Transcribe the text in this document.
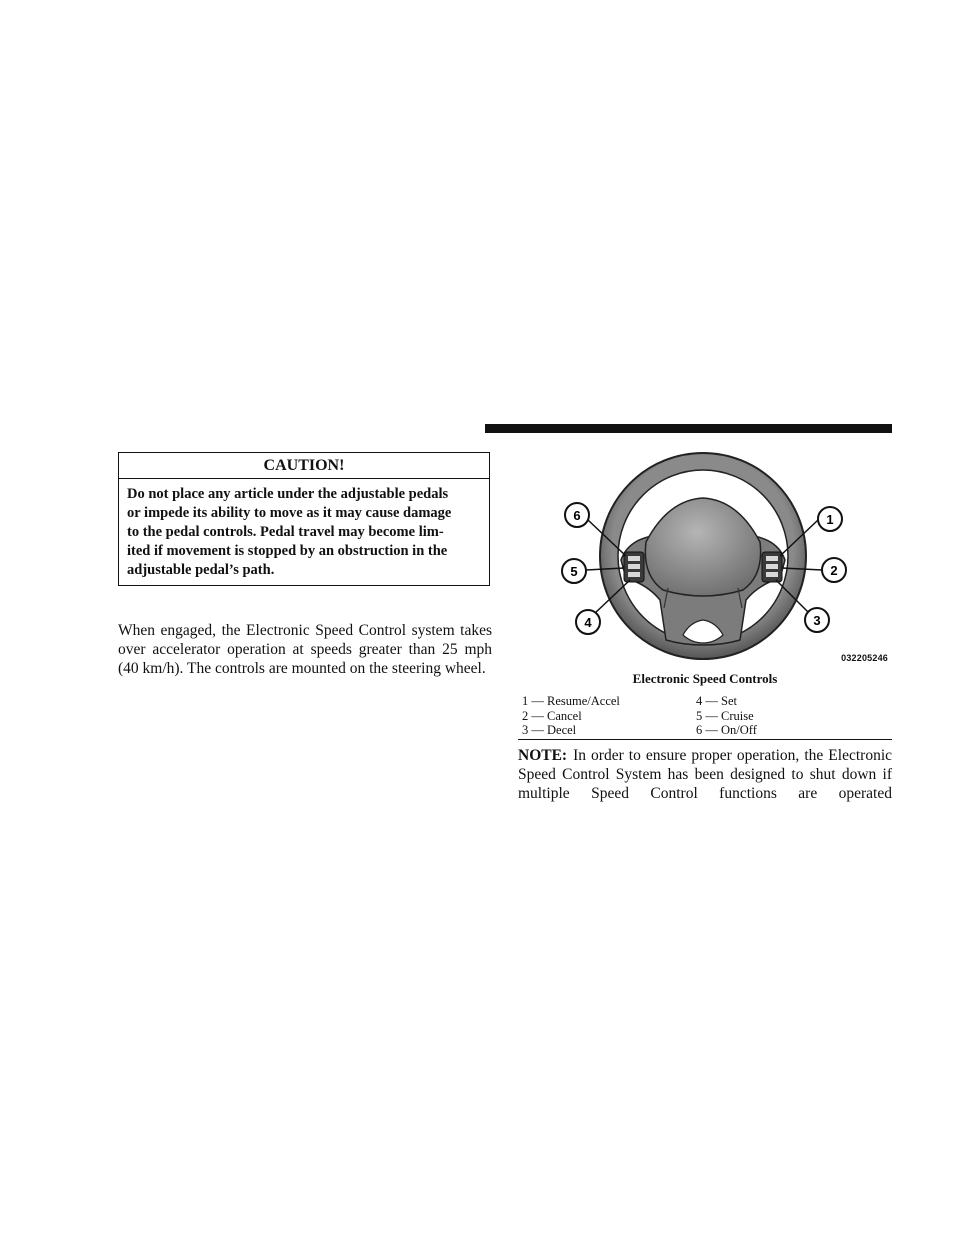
CAUTION!
Do not place any article under the adjustable pedals
or impede its ability to move as it may cause damage
to the pedal controls. Pedal travel may become lim-
ited if movement is stopped by an obstruction in the
adjustable pedal’s path.
When engaged, the Electronic Speed Control system takes over accelerator operation at speeds greater than 25 mph (40 km/h). The controls are mounted on the steering wheel.
1
2
3
4
5
6
032205246
Electronic Speed Controls
1 — Resume/Accel	4 — Set
2 — Cancel	5 — Cruise
3 — Decel	6 — On/Off
NOTE: In order to ensure proper operation, the Electronic Speed Control System has been designed to shut down if multiple Speed Control functions are operated
